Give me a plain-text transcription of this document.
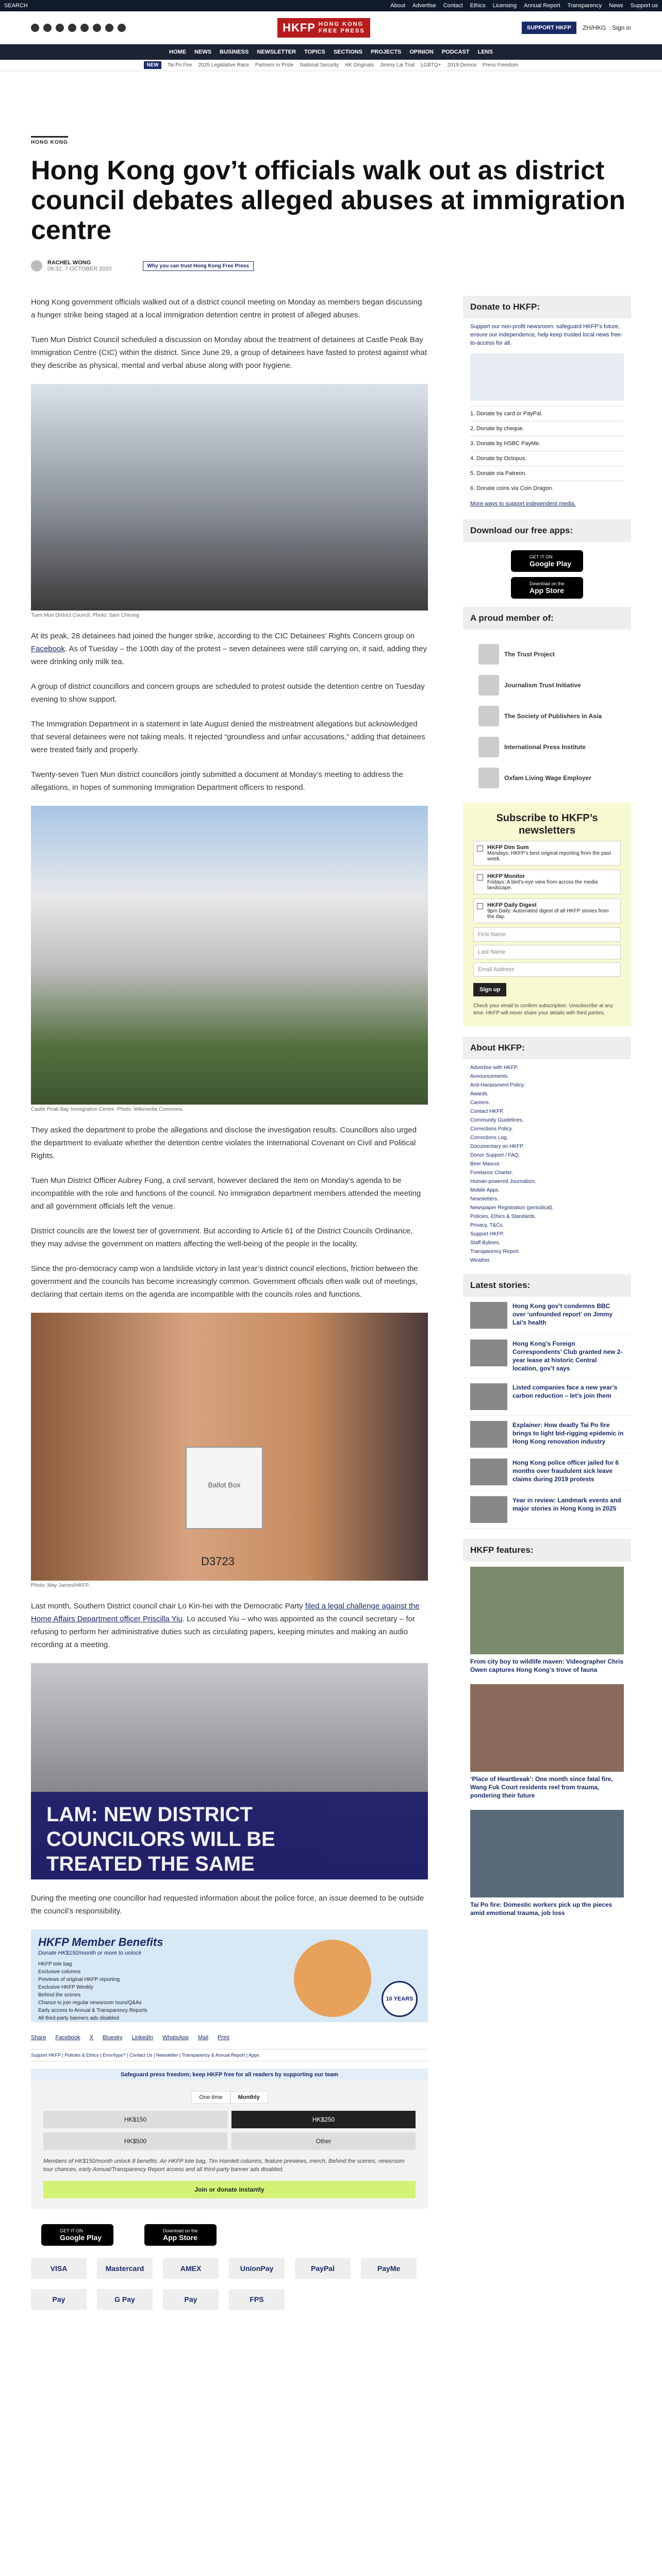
SEARCH	About Advertise Contact Ethics Licensing Annual Report Transparency News Support us
HKFP HONG KONG
FREE PRESS	SUPPORT HKFP	ZH/HKG Sign in
HOME NEWS BUSINESS NEWSLETTER TOPICS SECTIONS PROJECTS OPINION PODCAST LENS
NEW	Tai Po Fire 2025 Legislative Race Partners in Pride National Security HK Originals Jimmy Lai Trial LGBTQ+ 2019 Demos Press Freedom
HONG KONG
Hong Kong gov’t officials walk out as district council debates alleged abuses at immigration centre
RACHEL WONG
09:32, 7 OCTOBER 2020	Why you can trust Hong Kong Free Press

Hong Kong government officials walked out of a district council meeting on Monday as members began discussing a hunger strike being staged at a local immigration detention centre in protest of alleged abuses.

Tuen Mun District Council scheduled a discussion on Monday about the treatment of detainees at Castle Peak Bay Immigration Centre (CIC) within the district. Since June 29, a group of detainees have fasted to protest against what they describe as physical, mental and verbal abuse along with poor hygiene.

Tuen Mun District Council. Photo: Sam Cheung

At its peak, 28 detainees had joined the hunger strike, according to the CIC Detainees’ Rights Concern group on Facebook. As of Tuesday – the 100th day of the protest – seven detainees were still carrying on, it said, adding they were drinking only milk tea.

A group of district councillors and concern groups are scheduled to protest outside the detention centre on Tuesday evening to show support.

The Immigration Department in a statement in late August denied the mistreatment allegations but acknowledged that several detainees were not taking meals. It rejected “groundless and unfair accusations,” adding that detainees were treated fairly and properly.

Twenty-seven Tuen Mun district councillors jointly submitted a document at Monday’s meeting to address the allegations, in hopes of summoning Immigration Department officers to respond.

Castle Peak Bay Immigration Centre. Photo: Wikimedia Commons.

They asked the department to probe the allegations and disclose the investigation results. Councillors also urged the department to evaluate whether the detention centre violates the International Covenant on Civil and Political Rights.

Tuen Mun District Officer Aubrey Fung, a civil servant, however declared the item on Monday’s agenda to be incompatible with the role and functions of the council. No immigration department members attended the meeting and all government officials left the venue.

District councils are the lowest tier of government. But according to Article 61 of the District Councils Ordinance, they may advise the government on matters affecting the well-being of the people in the locality.

Since the pro-democracy camp won a landslide victory in last year’s district council elections, friction between the government and the councils has become increasingly common. Government officials often walk out of meetings, declaring that certain items on the agenda are incompatible with the councils roles and functions.

Ballot Box
D3723
Photo: May James/HKFP.

Last month, Southern District council chair Lo Kin-hei with the Democratic Party filed a legal challenge against the Home Affairs Department officer Priscilla Yiu. Lo accused Yiu – who was appointed as the council secretary – for refusing to perform her administrative duties such as circulating papers, keeping minutes and making an audio recording at a meeting.

LAM: NEW DISTRICT
COUNCILORS WILL BE
TREATED THE SAME

During the meeting one councillor had requested information about the police force, an issue deemed to be outside the council’s responsibility.

HKFP Member Benefits
Donate HK$150/month or more to unlock
HKFP tote bag
Exclusive columns
Previews of original HKFP reporting
Exclusive HKFP Weekly
Behind the scenes
Chance to join regular newsroom tours/Q&As
Early access to Annual & Transparency Reports
All third-party banners ads disabled
10 YEARS
Share Facebook X Bluesky LinkedIn WhatsApp Mail Print
Support HKFP | Policies & Ethics | Error/typo? | Contact Us | Newsletter | Transparency & Annual Report | Apps
Safeguard press freedom; keep HKFP free for all readers by supporting our team
One-time	Monthly
HK$150	HK$250
HK$500	Other
Members of HK$150/month unlock 8 benefits: An HKFP tote bag, Tim Hamlett columns, feature previews, merch, Behind the scenes, newsroom tour chances, early Annual/Transparency Report access and all third-party banner ads disabled.
Join or donate instantly
GET IT ON
Google Play
Download on the
App Store
VISA	Mastercard	AMEX	UnionPay	PayPal	PayMe
Pay	G Pay	Pay	FPS
Donate to HKFP:

Support our non-profit newsroom: safeguard HKFP’s future, ensure our independence, help keep trusted local news free-to-access for all.

1. Donate by card or PayPal.
2. Donate by cheque.
3. Donate by HSBC PayMe.
4. Donate by Octopus.
5. Donate via Patreon.
6. Donate coins via Coin Dragon.

More ways to support independent media.

Download our free apps:
GET IT ON
Google Play
Download on the
App Store
A proud member of:
The Trust Project
Journalism Trust Initiative
The Society of Publishers in Asia
International Press Institute
Oxfam Living Wage Employer
Subscribe to HKFP’s newsletters
HKFP Dim Sum
Mondays: HKFP’s best original reporting from the past week.
HKFP Monitor
Fridays: A bird’s-eye view from across the media landscape.
HKFP Daily Digest
9pm Daily: Automated digest of all HKFP stories from the day.
First Name
Last Name
Email Address
Sign up
Check your email to confirm subscription. Unsubscribe at any time. HKFP will never share your details with third parties.
About HKFP:
Advertise with HKFP.
Announcements.
Anti-Harassment Policy.
Awards.
Careers.
Contact HKFP.
Community Guidelines.
Corrections Policy.
Corrections Log.
Documentary on HKFP.
Donor Support / FAQ.
Beer Mascot.
Freelance Charter.
Human-powered Journalism.
Mobile Apps.
Newsletters.
Newspaper Registration (periodical).
Policies, Ethics & Standards.
Privacy, T&Cs.
Support HKFP.
Staff Bylines.
Transparency Report.
Weather.
Latest stories:
Hong Kong gov’t condemns BBC over ‘unfounded report’ on Jimmy Lai’s health
Hong Kong’s Foreign Correspondents’ Club granted new 2-year lease at historic Central location, gov’t says
Listed companies face a new year’s carbon reduction – let’s join them
Explainer: How deadly Tai Po fire brings to light bid-rigging epidemic in Hong Kong renovation industry
Hong Kong police officer jailed for 6 months over fraudulent sick leave claims during 2019 protests
Year in review: Landmark events and major stories in Hong Kong in 2025
HKFP features:
From city boy to wildlife maven: Videographer Chris Owen captures Hong Kong’s trove of fauna
‘Place of Heartbreak’: One month since fatal fire, Wang Fuk Court residents reel from trauma, pondering their future
Tai Po fire: Domestic workers pick up the pieces amid emotional trauma, job loss
